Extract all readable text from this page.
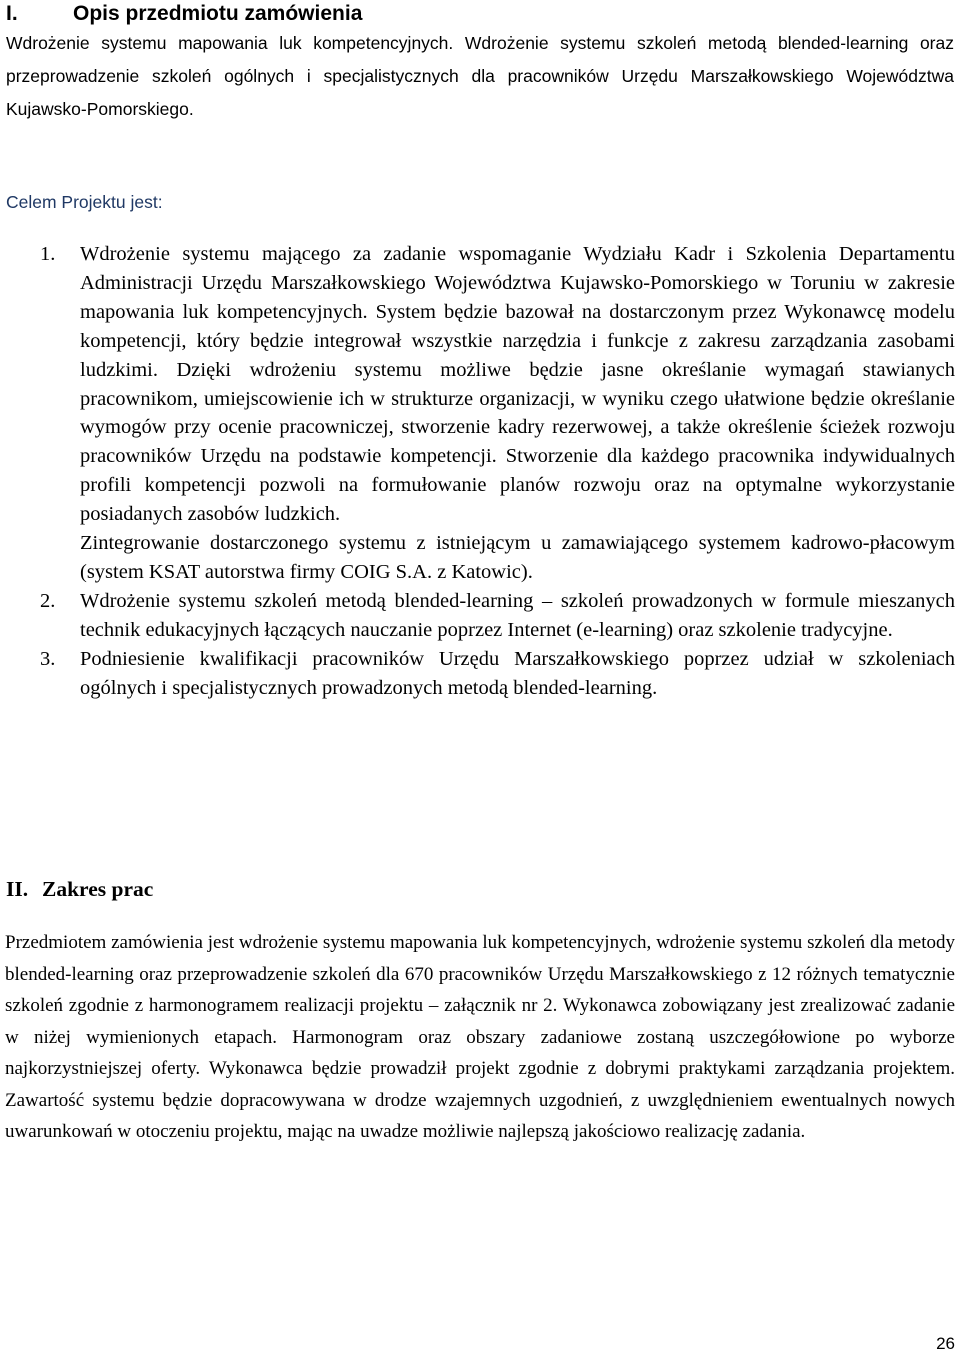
I.	Opis przedmiotu zamówienia

Wdrożenie systemu mapowania luk kompetencyjnych. Wdrożenie systemu szkoleń metodą blended-learning oraz przeprowadzenie szkoleń ogólnych i specjalistycznych dla pracowników Urzędu Marszałkowskiego Województwa Kujawsko-Pomorskiego.

Celem Projektu jest:
1. Wdrożenie systemu mającego za zadanie wspomaganie Wydziału Kadr i Szkolenia Departamentu Administracji Urzędu Marszałkowskiego Województwa Kujawsko-Pomorskiego w Toruniu w zakresie mapowania luk kompetencyjnych. System będzie bazował na dostarczonym przez Wykonawcę modelu kompetencji, który będzie integrował wszystkie narzędzia i funkcje z zakresu zarządzania zasobami ludzkimi. Dzięki wdrożeniu systemu możliwe będzie jasne określanie wymagań stawianych pracownikom, umiejscowienie ich w strukturze organizacji, w wyniku czego ułatwione będzie określanie wymogów przy ocenie pracowniczej, stworzenie kadry rezerwowej, a także określenie ścieżek rozwoju pracowników Urzędu na podstawie kompetencji. Stworzenie dla każdego pracownika indywidualnych profili kompetencji pozwoli na formułowanie planów rozwoju oraz na optymalne wykorzystanie posiadanych zasobów ludzkich.

Zintegrowanie dostarczonego systemu z istniejącym u zamawiającego systemem kadrowo-płacowym (system KSAT autorstwa firmy COIG S.A. z Katowic).

2. Wdrożenie systemu szkoleń metodą blended-learning – szkoleń prowadzonych w formule mieszanych technik edukacyjnych łączących nauczanie poprzez Internet (e-learning) oraz szkolenie tradycyjne.

3. Podniesienie kwalifikacji pracowników Urzędu Marszałkowskiego poprzez udział w szkoleniach ogólnych i specjalistycznych prowadzonych metodą blended-learning.

II. Zakres prac

Przedmiotem zamówienia jest wdrożenie systemu mapowania luk kompetencyjnych, wdrożenie systemu szkoleń dla metody blended-learning oraz przeprowadzenie szkoleń dla 670 pracowników Urzędu Marszałkowskiego z 12 różnych tematycznie szkoleń zgodnie z harmonogramem realizacji projektu – załącznik nr 2. Wykonawca zobowiązany jest zrealizować zadanie w niżej wymienionych etapach. Harmonogram oraz obszary zadaniowe zostaną uszczegółowione po wyborze najkorzystniejszej oferty. Wykonawca będzie prowadził projekt zgodnie z dobrymi praktykami zarządzania projektem. Zawartość systemu będzie dopracowywana w drodze wzajemnych uzgodnień, z uwzględnieniem ewentualnych nowych uwarunkowań w otoczeniu projektu, mając na uwadze możliwie najlepszą jakościowo realizację zadania.

26
